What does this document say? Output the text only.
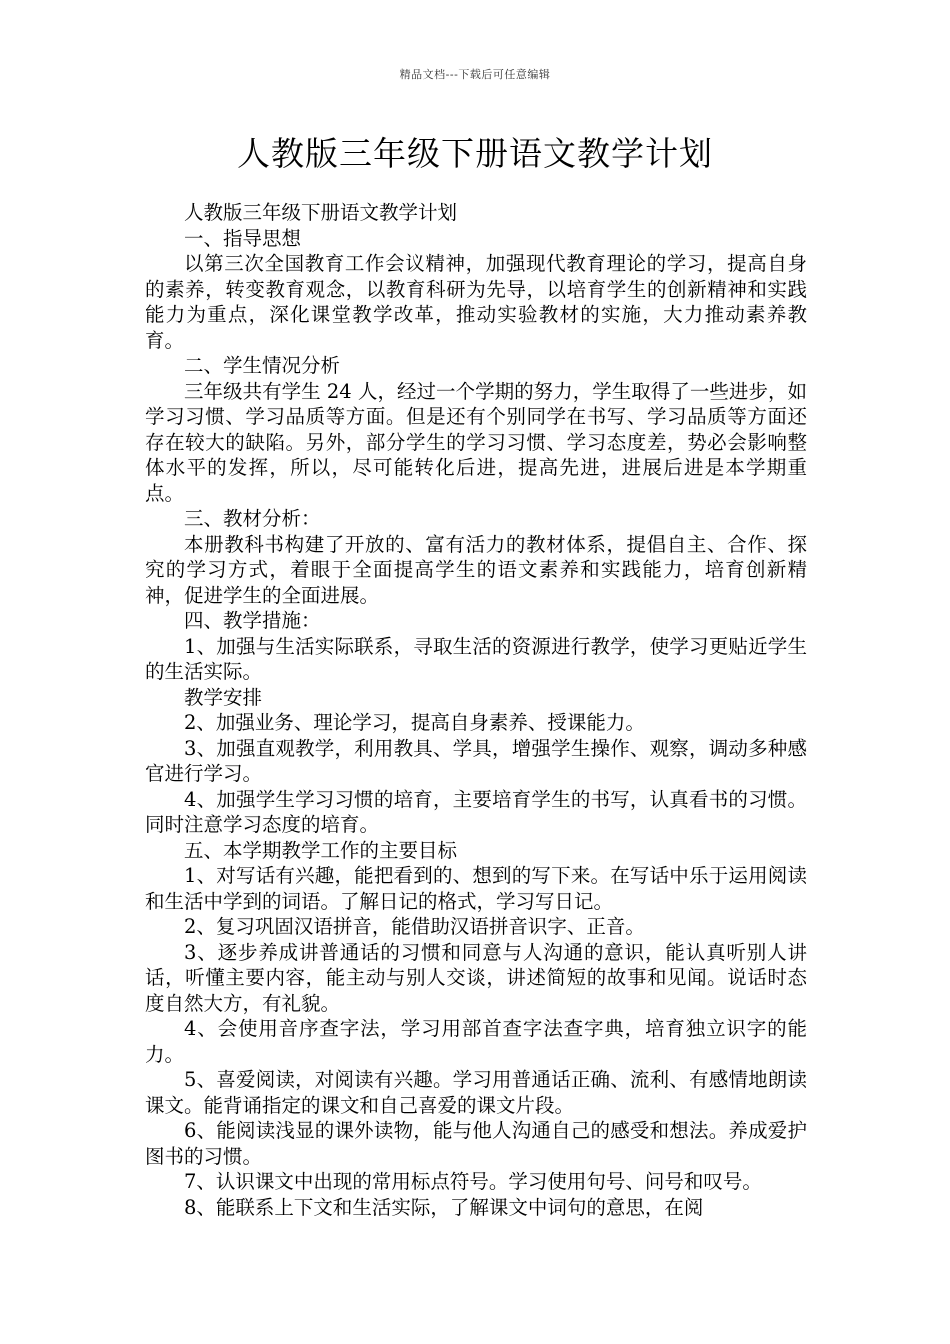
精品文档---下载后可任意编辑
人教版三年级下册语文教学计划

人教版三年级下册语文教学计划

一、指导思想

以第三次全国教育工作会议精神，加强现代教育理论的学习，提高自身的素养，转变教育观念，以教育科研为先导，以培育学生的创新精神和实践能力为重点，深化课堂教学改革，推动实验教材的实施，大力推动素养教育。

二、学生情况分析

三年级共有学生 24 人，经过一个学期的努力，学生取得了一些进步，如学习习惯、学习品质等方面。但是还有个别同学在书写、学习品质等方面还存在较大的缺陷。另外，部分学生的学习习惯、学习态度差，势必会影响整体水平的发挥，所以，尽可能转化后进，提高先进，进展后进是本学期重点。

三、教材分析：

本册教科书构建了开放的、富有活力的教材体系，提倡自主、合作、探究的学习方式，着眼于全面提高学生的语文素养和实践能力，培育创新精神，促进学生的全面进展。

四、教学措施：

1、加强与生活实际联系，寻取生活的资源进行教学，使学习更贴近学生的生活实际。

教学安排

2、加强业务、理论学习，提高自身素养、授课能力。

3、加强直观教学，利用教具、学具，增强学生操作、观察，调动多种感官进行学习。

4、加强学生学习习惯的培育，主要培育学生的书写，认真看书的习惯。同时注意学习态度的培育。

五、本学期教学工作的主要目标

1、对写话有兴趣，能把看到的、想到的写下来。在写话中乐于运用阅读和生活中学到的词语。了解日记的格式，学习写日记。

2、复习巩固汉语拼音，能借助汉语拼音识字、正音。

3、逐步养成讲普通话的习惯和同意与人沟通的意识，能认真听别人讲话，听懂主要内容，能主动与别人交谈，讲述简短的故事和见闻。说话时态度自然大方，有礼貌。

4、会使用音序查字法，学习用部首查字法查字典，培育独立识字的能力。

5、喜爱阅读，对阅读有兴趣。学习用普通话正确、流利、有感情地朗读课文。能背诵指定的课文和自己喜爱的课文片段。

6、能阅读浅显的课外读物，能与他人沟通自己的感受和想法。养成爱护图书的习惯。

7、认识课文中出现的常用标点符号。学习使用句号、问号和叹号。

8、能联系上下文和生活实际，了解课文中词句的意思，在阅
